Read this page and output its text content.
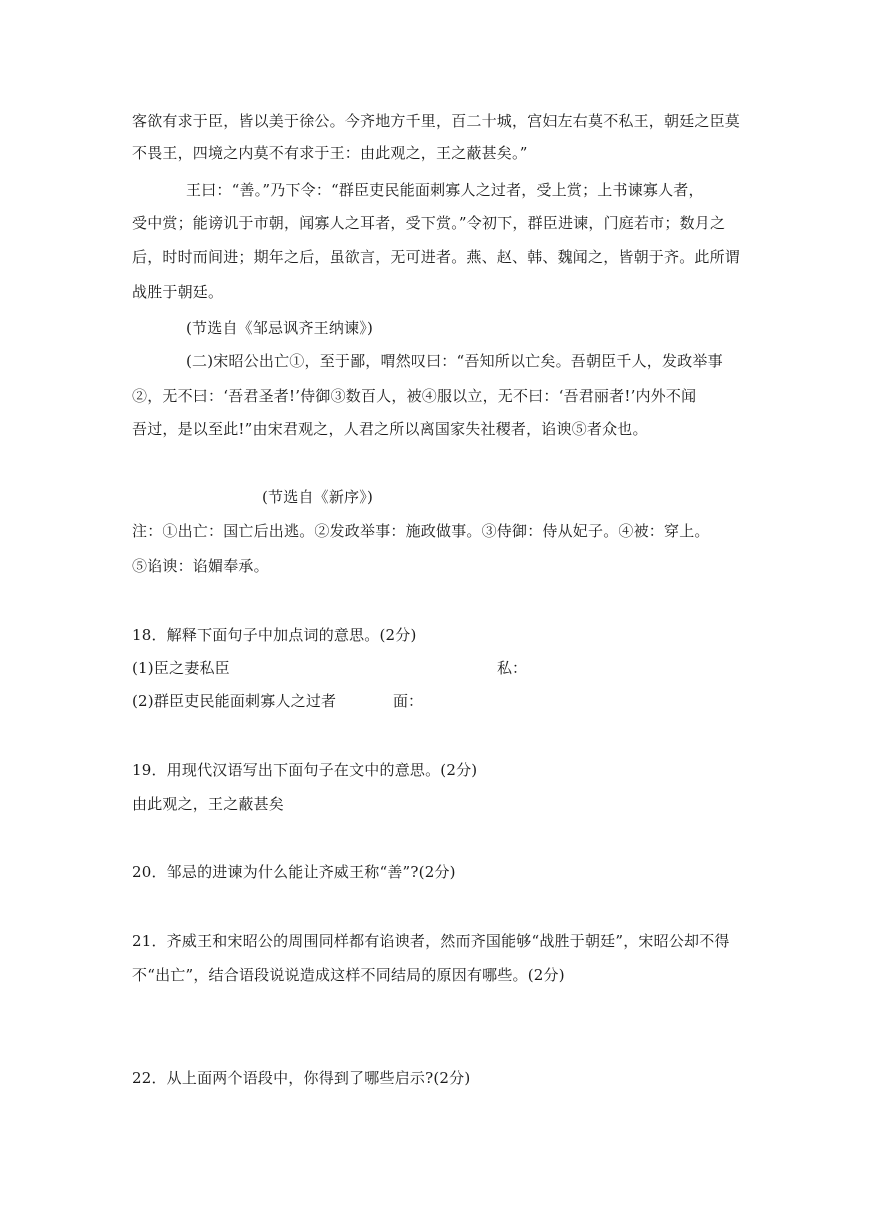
客欲有求于臣，皆以美于徐公。今齐地方千里，百二十城，宫妇左右莫不私王，朝廷之臣莫
不畏王，四境之内莫不有求于王：由此观之，王之蔽甚矣。”
王曰：“善。”乃下令：“群臣吏民能面刺寡人之过者，受上赏；上书谏寡人者，
受中赏；能谤讥于市朝，闻寡人之耳者，受下赏。”令初下，群臣进谏，门庭若市；数月之
后，时时而间进；期年之后，虽欲言，无可进者。燕、赵、韩、魏闻之，皆朝于齐。此所谓
战胜于朝廷。
(节选自《邹忌讽齐王纳谏》)
(二)宋昭公出亡①，至于鄙，喟然叹曰：“吾知所以亡矣。吾朝臣千人，发政举事
②，无不曰：‘吾君圣者!’侍御③数百人，被④服以立，无不曰：‘吾君丽者!’内外不闻
吾过，是以至此!”由宋君观之，人君之所以离国家失社稷者，谄谀⑤者众也。
(节选自《新序》)
注：①出亡：国亡后出逃。②发政举事：施政做事。③侍御：侍从妃子。④被：穿上。
⑤谄谀：谄媚奉承。
18．解释下面句子中加点词的意思。(2分)
(1)臣之妻私臣	私：
(2)群臣吏民能面刺寡人之过者	面：
19．用现代汉语写出下面句子在文中的意思。(2分)
由此观之，王之蔽甚矣
20．邹忌的进谏为什么能让齐威王称“善”?(2分)
21．齐威王和宋昭公的周围同样都有谄谀者，然而齐国能够“战胜于朝廷”，宋昭公却不得
不“出亡”，结合语段说说造成这样不同结局的原因有哪些。(2分)
22．从上面两个语段中，你得到了哪些启示?(2分)
